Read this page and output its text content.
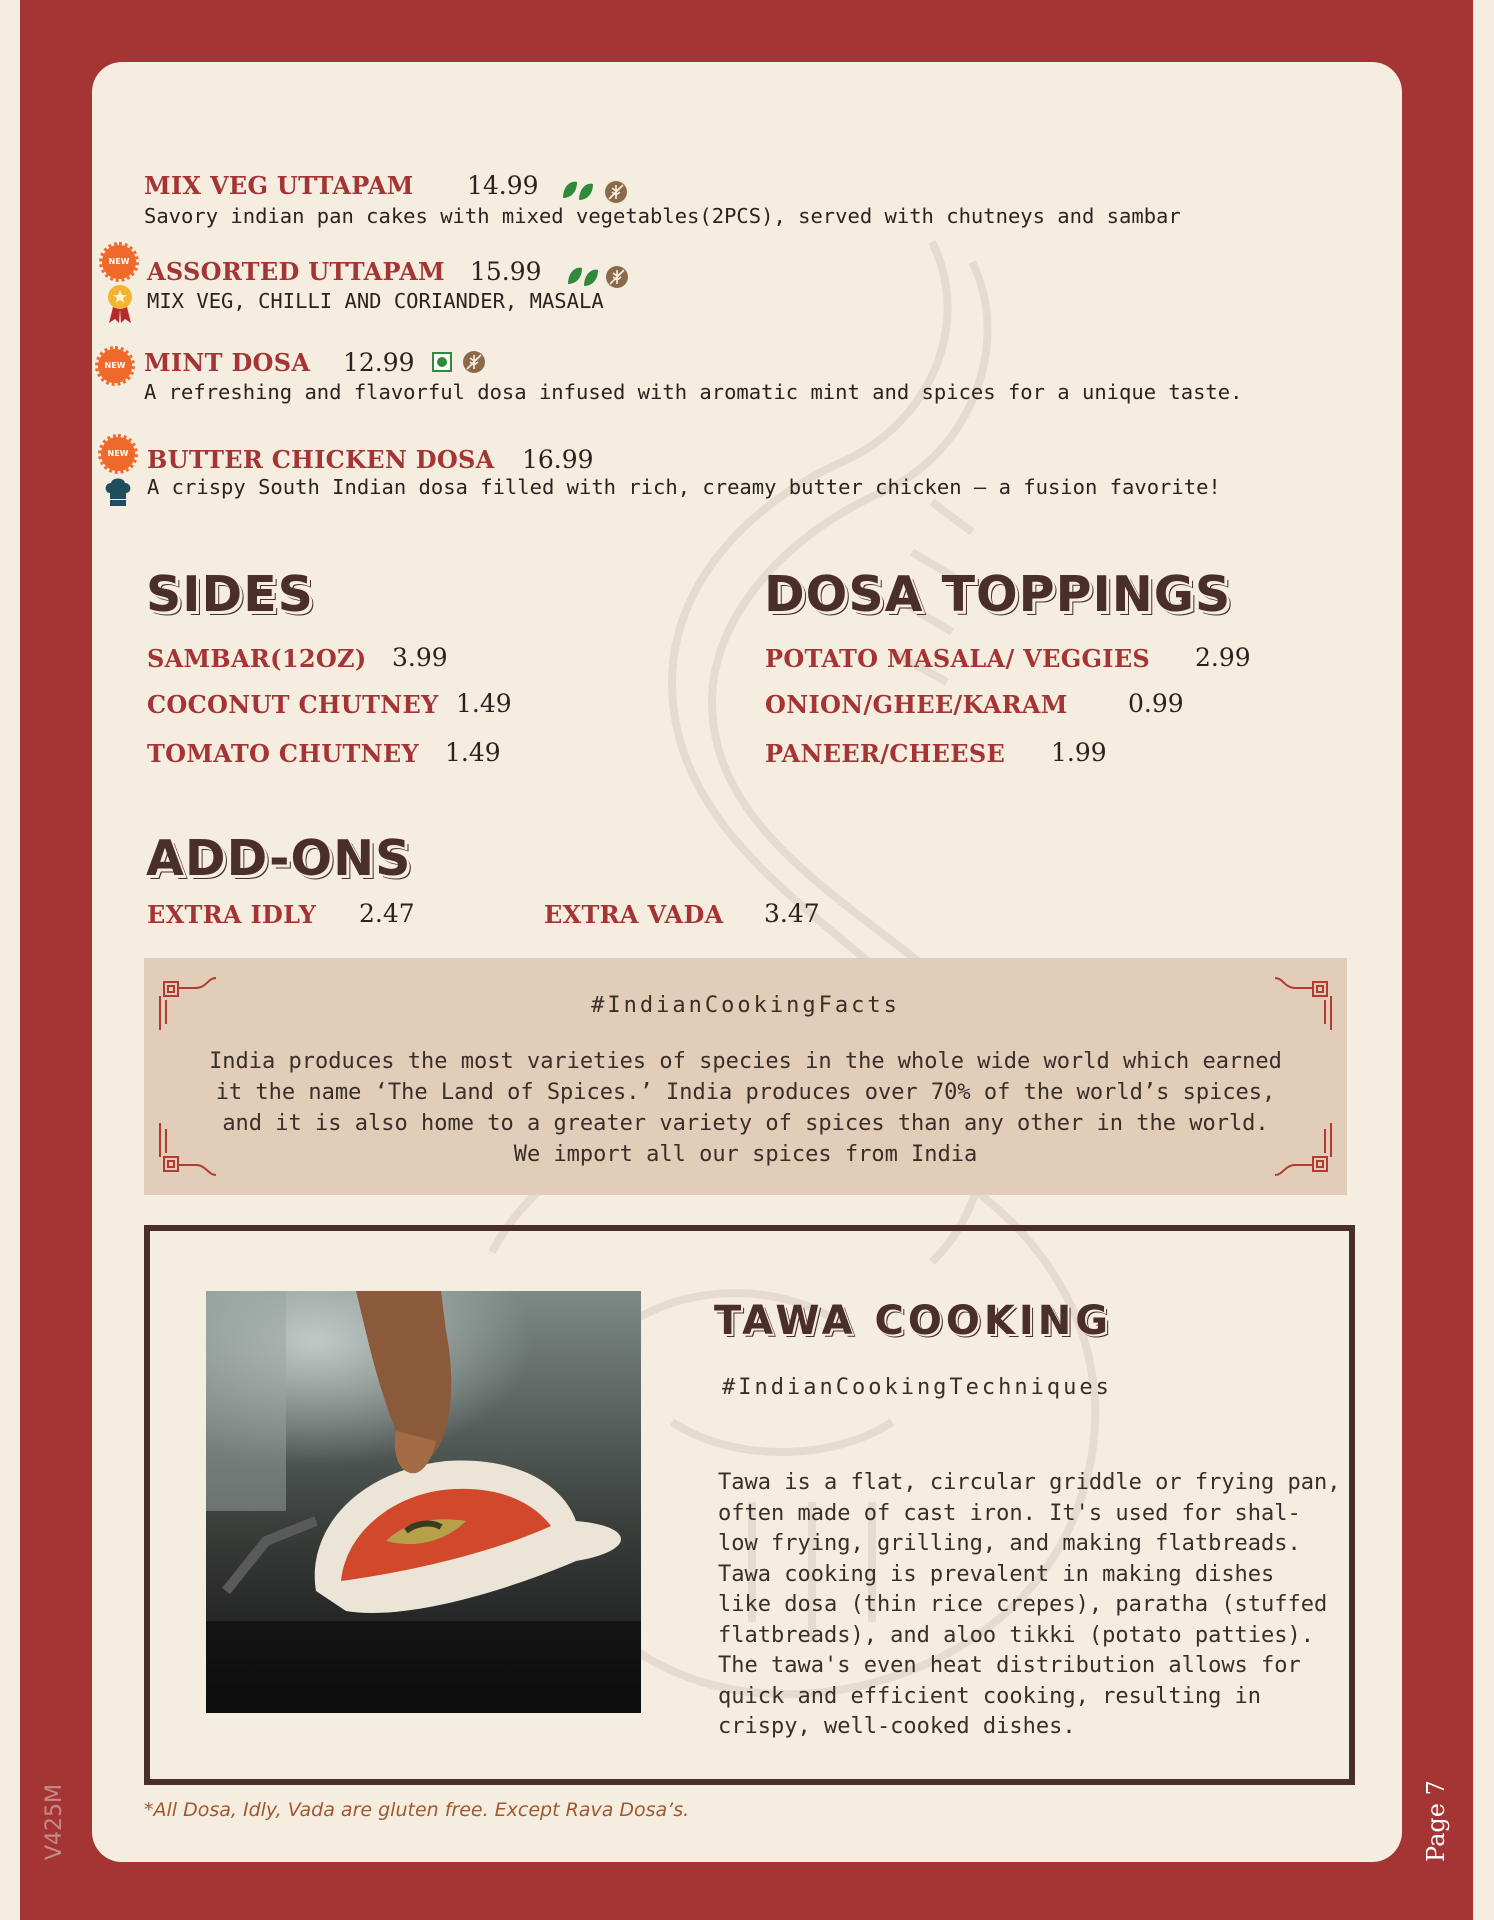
MIX VEG UTTAPAM 14.99
Savory indian pan cakes with mixed vegetables(2PCS), served with chutneys and sambar
NEW ASSORTED UTTAPAM 15.99
MIX VEG, CHILLI AND CORIANDER, MASALA
NEW MINT DOSA 12.99
A refreshing and flavorful dosa infused with aromatic mint and spices for a unique taste.
NEW BUTTER CHICKEN DOSA 16.99
A crispy South Indian dosa filled with rich, creamy butter chicken — a fusion favorite!
SIDES
SAMBAR(12OZ) 3.99
COCONUT CHUTNEY 1.49
TOMATO CHUTNEY 1.49
DOSA TOPPINGS
POTATO MASALA/ VEGGIES 2.99
ONION/GHEE/KARAM 0.99
PANEER/CHEESE 1.99
ADD-ONS
EXTRA IDLY 2.47	EXTRA VADA 3.47
#IndianCookingFacts
India produces the most varieties of species in the whole wide world which earned it the name ‘The Land of Spices.’ India produces over 70% of the world’s spices, and it is also home to a greater variety of spices than any other in the world. We import all our spices from India
TAWA COOKING
#IndianCookingTechniques
Tawa is a flat, circular griddle or frying pan,
often made of cast iron. It's used for shal-
low frying, grilling, and making flatbreads.
Tawa cooking is prevalent in making dishes
like dosa (thin rice crepes), paratha (stuffed
flatbreads), and aloo tikki (potato patties).
The tawa's even heat distribution allows for
quick and efficient cooking, resulting in
crispy, well-cooked dishes.
*All Dosa, Idly, Vada are gluten free. Except Rava Dosa’s.
V425M	Page 7
